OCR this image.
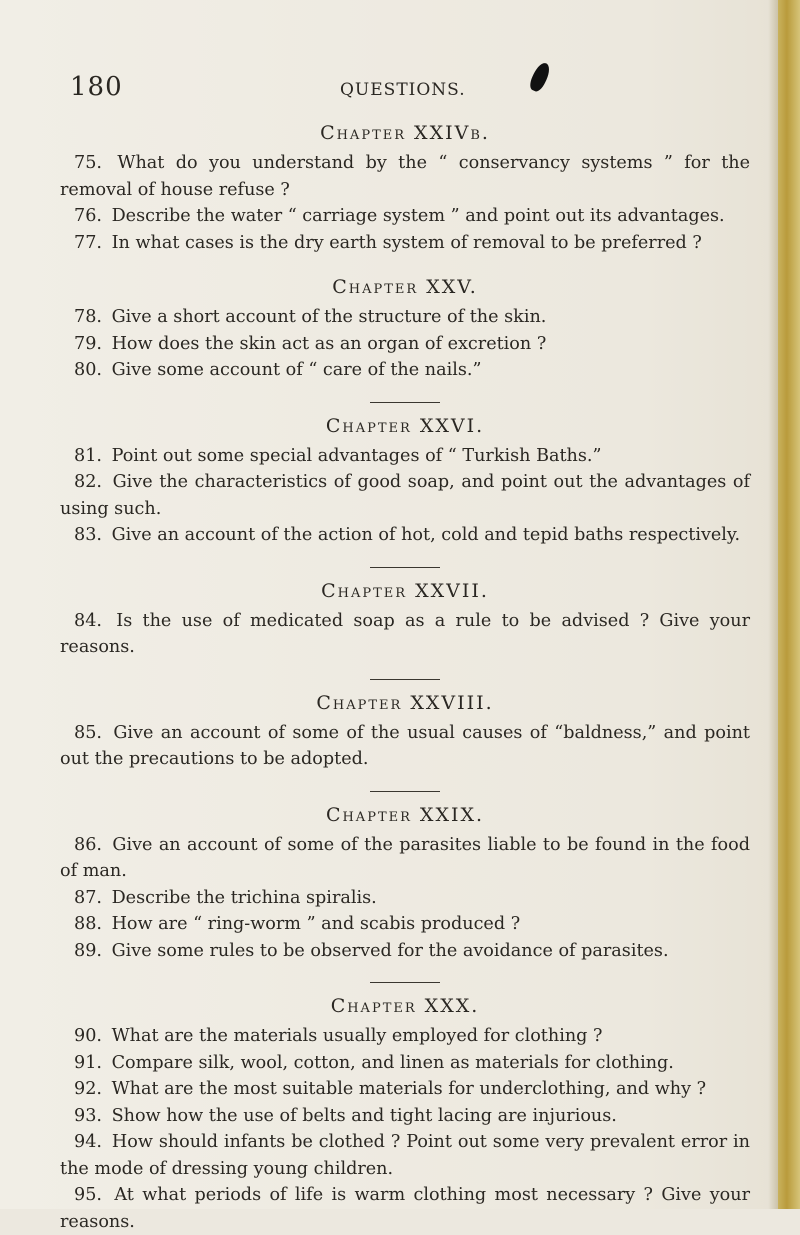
180	QUESTIONS.
Chapter XXIVb.

75. What do you understand by the “ conservancy systems ” for the removal of house refuse ?

76. Describe the water “ carriage system ” and point out its advantages.

77. In what cases is the dry earth system of removal to be preferred ?

Chapter XXV.

78. Give a short account of the structure of the skin.

79. How does the skin act as an organ of excretion ?

80. Give some account of “ care of the nails.”

Chapter XXVI.

81. Point out some special advantages of “ Turkish Baths.”

82. Give the characteristics of good soap, and point out the advantages of using such.

83. Give an account of the action of hot, cold and tepid baths respectively.

Chapter XXVII.

84. Is the use of medicated soap as a rule to be advised ? Give your reasons.

Chapter XXVIII.

85. Give an account of some of the usual causes of “baldness,” and point out the precautions to be adopted.

Chapter XXIX.

86. Give an account of some of the parasites liable to be found in the food of man.

87. Describe the trichina spiralis.

88. How are “ ring-worm ” and scabis produced ?

89. Give some rules to be observed for the avoidance of parasites.

Chapter XXX.

90. What are the materials usually employed for clothing ?

91. Compare silk, wool, cotton, and linen as materials for clothing.

92. What are the most suitable materials for underclothing, and why ?

93. Show how the use of belts and tight lacing are injurious.

94. How should infants be clothed ? Point out some very prevalent error in the mode of dressing young children.

95. At what periods of life is warm clothing most necessary ? Give your reasons.
